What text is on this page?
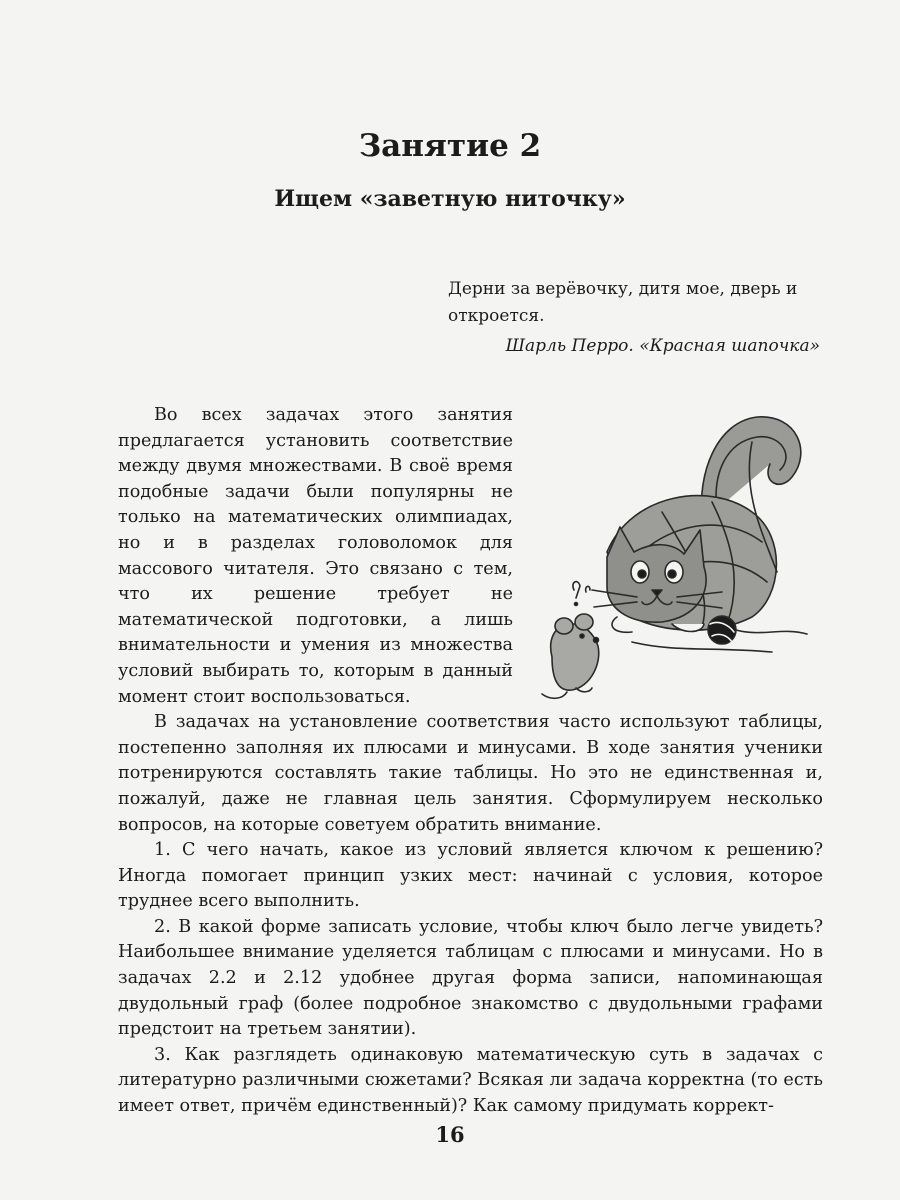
Занятие 2
Ищем «заветную ниточку»

Дерни за верёвочку, дитя мое, дверь и откроется.

Шарль Перро. «Красная шапочка»

Во всех задачах этого занятия предлагается установить соответствие между двумя множествами. В своё время подобные задачи были популярны не только на математических олимпиадах, но и в разделах головоломок для массового читателя. Это связано с тем, что их решение требует не математической подготовки, а лишь внимательности и умения из множества условий выбирать то, которым в данный момент стоит воспользоваться.

В задачах на установление соответствия часто используют таблицы, постепенно заполняя их плюсами и минусами. В ходе занятия ученики потренируются составлять такие таблицы. Но это не единственная и, пожалуй, даже не главная цель занятия. Сформулируем несколько вопросов, на которые советуем обратить внимание.

1. С чего начать, какое из условий является ключом к решению? Иногда помогает принцип узких мест: начинай с условия, которое труднее всего выполнить.

2. В какой форме записать условие, чтобы ключ было легче увидеть? Наибольшее внимание уделяется таблицам с плюсами и минусами. Но в задачах 2.2 и 2.12 удобнее другая форма записи, напоминающая двудольный граф (более подробное знакомство с двудольными графами предстоит на третьем занятии).

3. Как разглядеть одинаковую математическую суть в задачах с литературно различными сюжетами? Всякая ли задача корректна (то есть имеет ответ, причём единственный)? Как самому придумать коррект-

16
